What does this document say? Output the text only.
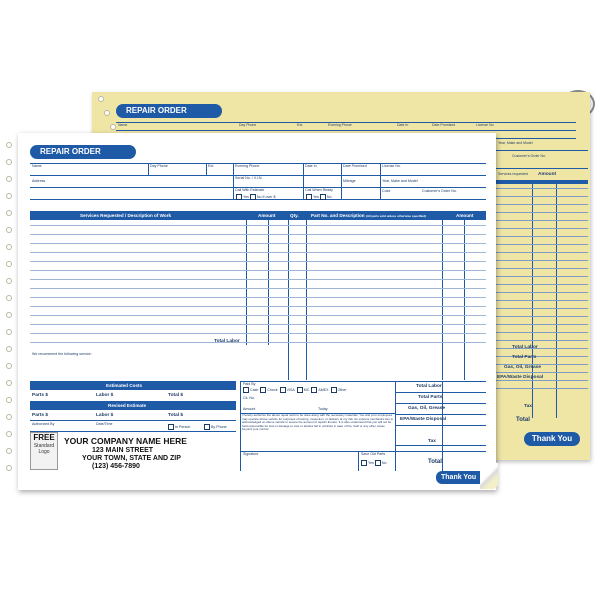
REPAIR ORDER
Name	Day Phone	Ext.	Evening Phone	Date In	Date Promised	License No.
Year, Make and Model
Customer's Order No.
Services requested Amount
Total Labor
Total Parts
Gas, Oil, Grease
EPA/Waste Disposal
Tax
Total
Thank You
REPAIR ORDER
Name	Day Phone	Ext.	Evening Phone	Date In	Date Promised	License No.
Address
Serial No. / V.I.N.
Call With Estimate	Call When Ready
Mileage	Year, Make and Model
Color	Customer's Order No.
Yes No If over $	Yes No
Services Requested / Description of Work	Amount	Qty.	Part No. and Description (All parts sold unless otherwise specified)	Amount
Total Labor
We recommend the following service:
Estimated Costs
Parts $	Labor $	Total $
Revised Estimate
Parts $	Labor $	Total $
Authorized By	Date/Time
In Person	By Phone
Paid By
Cash	Check	VISA	MC	AMEX	Other
Ck. No.
Amount	Today
I hereby authorize the above repair work to be done along with the necessary materials. You and your employees may operate above vehicle for purposes of testing, inspection, or delivery at my risk. An express mechanics lien is acknowledged on above vehicle to secure the amount of repairs thereto. It is also understood that you will not be held responsible for loss or damage to cars or articles left in vehicles in case of fire, theft or any other cause beyond your control.
Signature	Save Old Parts
Yes No
Total Labor
Total Parts
Gas, Oil, Grease
EPA/Waste Disposal
Tax
Total
FREE
Standard
Logo
YOUR COMPANY NAME HERE
123 MAIN STREET
YOUR TOWN, STATE AND ZIP
(123) 456-7890
Thank You
